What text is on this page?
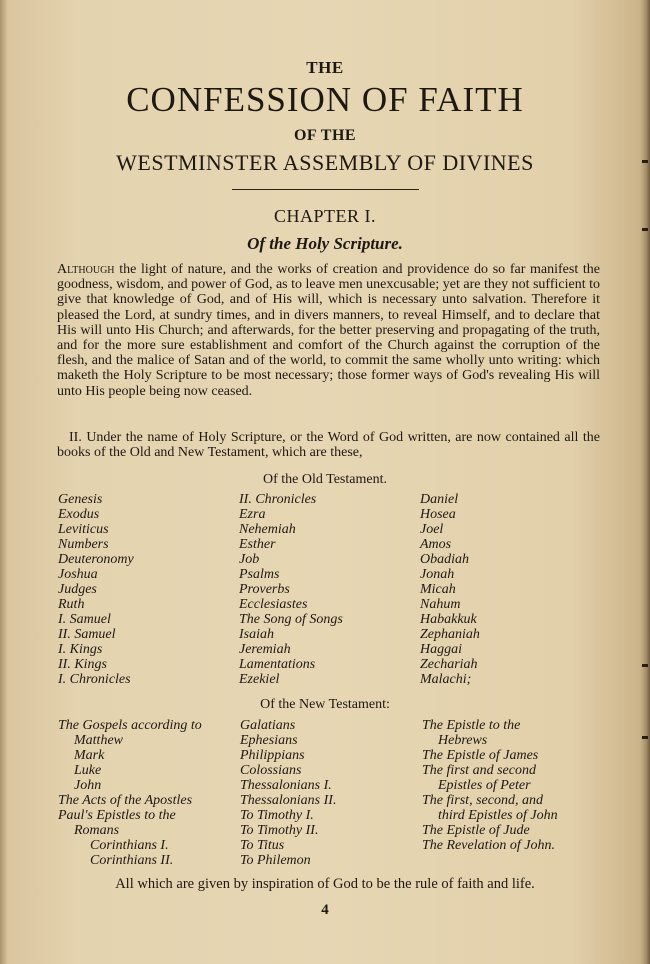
THE
CONFESSION OF FAITH
OF THE
WESTMINSTER ASSEMBLY OF DIVINES
CHAPTER I.
Of the Holy Scripture.

Although the light of nature, and the works of creation and providence do so far manifest the goodness, wisdom, and power of God, as to leave men unexcusable; yet are they not sufficient to give that knowledge of God, and of His will, which is necessary unto salvation. Therefore it pleased the Lord, at sundry times, and in divers manners, to reveal Himself, and to declare that His will unto His Church; and afterwards, for the better preserving and propagating of the truth, and for the more sure establishment and comfort of the Church against the corruption of the flesh, and the malice of Satan and of the world, to commit the same wholly unto writing: which maketh the Holy Scripture to be most necessary; those former ways of God's revealing His will unto His people being now ceased.

II. Under the name of Holy Scripture, or the Word of God written, are now contained all the books of the Old and New Testament, which are these,

Of the Old Testament.
Genesis
Exodus
Leviticus
Numbers
Deuteronomy
Joshua
Judges
Ruth
I. Samuel
II. Samuel
I. Kings
II. Kings
I. Chronicles
II. Chronicles
Ezra
Nehemiah
Esther
Job
Psalms
Proverbs
Ecclesiastes
The Song of Songs
Isaiah
Jeremiah
Lamentations
Ezekiel
Daniel
Hosea
Joel
Amos
Obadiah
Jonah
Micah
Nahum
Habakkuk
Zephaniah
Haggai
Zechariah
Malachi;
Of the New Testament:
The Gospels according to
Matthew
Mark
Luke
John
The Acts of the Apostles
Paul's Epistles to the
Romans
Corinthians I.
Corinthians II.
Galatians
Ephesians
Philippians
Colossians
Thessalonians I.
Thessalonians II.
To Timothy I.
To Timothy II.
To Titus
To Philemon
The Epistle to the
Hebrews
The Epistle of James
The first and second
Epistles of Peter
The first, second, and
third Epistles of John
The Epistle of Jude
The Revelation of John.
All which are given by inspiration of God to be the rule of faith and life.
4
